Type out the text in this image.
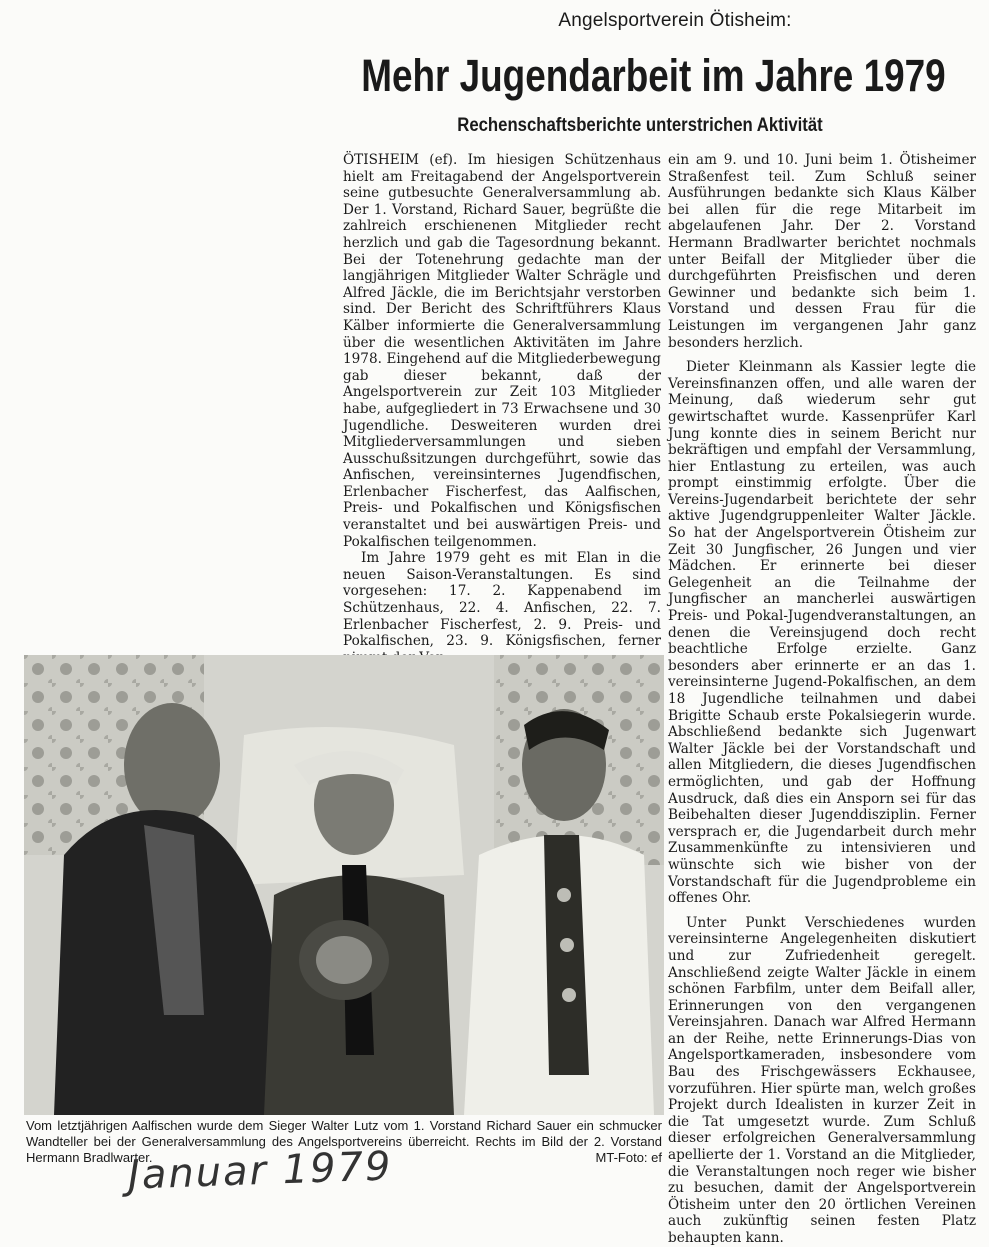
Angelsportverein Ötisheim:
Mehr Jugendarbeit im Jahre 1979
Rechenschaftsberichte unterstrichen Aktivität

ÖTISHEIM (ef). Im hiesigen Schützenhaus hielt am Freitagabend der Angelsportverein seine gutbesuchte Generalversammlung ab. Der 1. Vorstand, Richard Sauer, begrüßte die zahlreich erschienenen Mitglieder recht herzlich und gab die Tagesordnung bekannt. Bei der Totenehrung gedachte man der langjährigen Mitglieder Walter Schrägle und Alfred Jäckle, die im Berichtsjahr verstorben sind. Der Bericht des Schriftführers Klaus Kälber informierte die Generalversammlung über die wesentlichen Aktivitäten im Jahre 1978. Eingehend auf die Mitgliederbewegung gab dieser bekannt, daß der Angelsportverein zur Zeit 103 Mitglieder habe, aufgegliedert in 73 Erwachsene und 30 Jugendliche. Desweiteren wurden drei Mitgliederversammlungen und sieben Ausschußsitzungen durchgeführt, sowie das Anfischen, vereinsinternes Jugendfischen, Erlenbacher Fischerfest, das Aalfischen, Preis- und Pokalfischen und Königsfischen veranstaltet und bei auswärtigen Preis- und Pokalfischen teilgenommen.

Im Jahre 1979 geht es mit Elan in die neuen Saison-Veranstaltungen. Es sind vorgesehen: 17. 2. Kappenabend im Schützenhaus, 22. 4. Anfischen, 22. 7. Erlenbacher Fischerfest, 2. 9. Preis- und Pokalfischen, 23. 9. Königsfischen, ferner

ein am 9. und 10. Juni beim 1. Ötisheimer Straßenfest teil. Zum Schluß seiner Ausführungen bedankte sich Klaus Kälber bei allen für die rege Mitarbeit im abgelaufenen Jahr. Der 2. Vorstand Hermann Bradlwarter berichtet nochmals unter Beifall der Mitglieder über die durchgeführten Preisfischen und deren Gewinner und bedankte sich beim 1. Vorstand und dessen Frau für die Leistungen im vergangenen Jahr ganz besonders herzlich.

Dieter Kleinmann als Kassier legte die Vereinsfinanzen offen, und alle waren der Meinung, daß wiederum sehr gut gewirtschaftet wurde. Kassenprüfer Karl Jung konnte dies in seinem Bericht nur bekräftigen und empfahl der Versammlung, hier Entlastung zu erteilen, was auch prompt einstimmig erfolgte. Über die Vereins-Jugendarbeit berichtete der sehr aktive Jugendgruppenleiter Walter Jäckle. So hat der Angelsportverein Ötisheim zur Zeit 30 Jungfischer, 26 Jungen und vier Mädchen. Er erinnerte bei dieser Gelegenheit an die Teilnahme der Jungfischer an mancherlei auswärtigen Preis- und Pokal-Jugendveranstaltungen, an denen die Vereinsjugend doch recht beachtliche Erfolge erzielte. Ganz besonders aber erinnerte er an das 1. vereinsinterne Jugend-Pokalfischen, an dem 18 Jugendliche teilnahmen und dabei Brigitte Schaub erste Pokalsiegerin wurde. Abschließend bedankte sich Jugenwart Walter Jäckle bei der Vorstandschaft und allen Mitgliedern, die dieses Jugendfischen ermöglichten, und gab der Hoffnung Ausdruck, daß dies ein Ansporn sei für das Beibehalten dieser Jugenddisziplin. Ferner versprach er, die Jugendarbeit durch mehr Zusammenkünfte zu intensivieren und wünschte sich wie bisher von der Vorstandschaft für die Jugendprobleme ein offenes Ohr.

Unter Punkt Verschiedenes wurden vereinsinterne Angelegenheiten diskutiert und zur Zufriedenheit geregelt. Anschließend zeigte Walter Jäckle in einem schönen Farbfilm, unter dem Beifall aller, Erinnerungen von den vergangenen Vereinsjahren. Danach war Alfred Hermann an der Reihe, nette Erinnerungs-Dias von Angelsportkameraden, insbesondere vom Bau des Frischgewässers Eckhausee, vorzuführen. Hier spürte man, welch großes Projekt durch Idealisten in kurzer Zeit in die Tat umgesetzt wurde. Zum Schluß dieser erfolgreichen Generalversammlung apellierte der 1. Vorstand an die Mitglieder, die Veranstaltungen noch reger wie bisher zu besuchen, damit der Angelsportverein Ötisheim unter den 20 örtlichen Vereinen auch zukünftig seinen festen Platz behaupten kann.

Vom letztjährigen Aalfischen wurde dem Sieger Walter Lutz vom 1. Vorstand Richard Sauer ein schmucker Wandteller bei der Generalversammlung des Angelsportvereins überreicht. Rechts im Bild der 2. Vorstand Hermann Bradlwarter.	MT-Foto: ef
Januar 1979
